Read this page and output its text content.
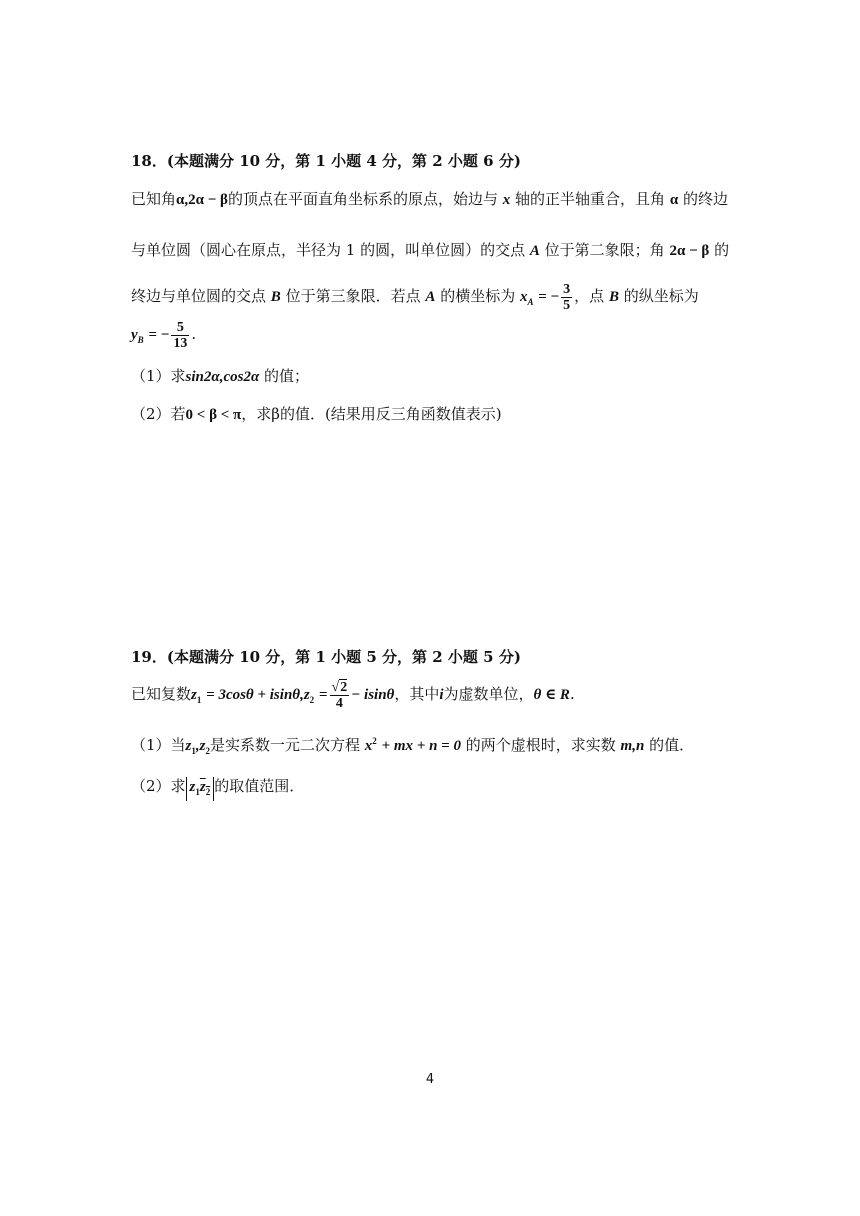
18．(本题满分 10 分，第 1 小题 4 分，第 2 小题 6 分)
已知角α,2α − β的顶点在平面直角坐标系的原点，始边与 x 轴的正半轴重合，且角 α 的终边
与单位圆（圆心在原点，半径为 1 的圆，叫单位圆）的交点 A 位于第二象限；角 2α − β 的
终边与单位圆的交点 B 位于第三象限．若点 A 的横坐标为 $x_A$ = − $\frac{3}{5}$ ，点 B 的纵坐标为
$y_B$ = − $\frac{5}{13}$ .
（1）求sin2α,cos2α 的值；
（2）若0 < β < π，求β的值．(结果用反三角函数值表示)
19．(本题满分 10 分，第 1 小题 5 分，第 2 小题 5 分)
已知复数$z_1 = 3\cos\theta + isin\theta,z_2 = \frac{√2}{4} - isin\theta$，其中i为虚数单位，θ ∈ R.
（1）当$z_1,z_2$是实系数一元二次方程 $x^2$ + mx + n = 0 的两个虚根时，求实数 m,n 的值．
（2）求 $z_1z_2$ 的取值范围．
4
